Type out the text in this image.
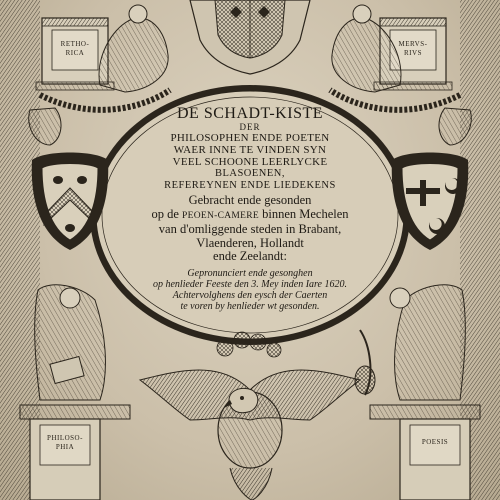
RETHO-
RICA
MERVS-
RIVS
PHILOSO-
PHIA
POESIS
DE SCHADT-KISTE
DER
PHILOSOPHEN ENDE POETEN
WAER INNE TE VINDEN SYN
VEEL SCHOONE LEERLYCKE
BLASOENEN,
REFEREYNEN ENDE LIEDEKENS
Gebracht ende gesonden
op de PEOEN-CAMERE binnen Mechelen
van d'omliggende steden in Brabant,
Vlaenderen, Hollandt
ende Zeelandt:
Gepronunciert ende gesonghen
op henlieder Feeste den 3. Mey inden Iare 1620.
Achtervolghens den eysch der Caerten
te voren by henlieder wt gesonden.
